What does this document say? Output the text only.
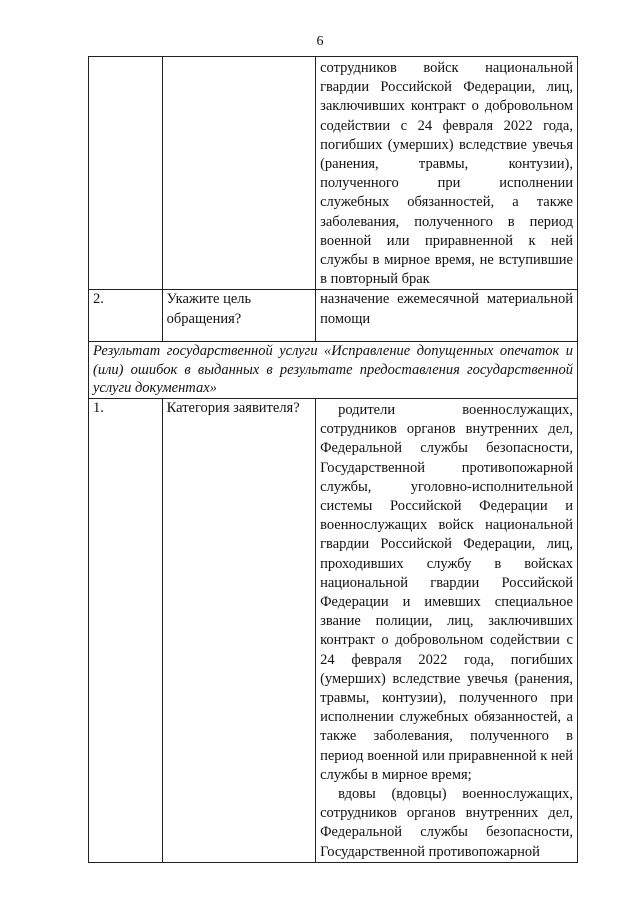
6
		сотрудников войск национальной гвардии Российской Федерации, лиц, заключивших контракт о добровольном содействии с 24 февраля 2022 года, погибших (умерших) вследствие увечья (ранения, травмы, контузии), полученного при исполнении служебных обязанностей, а также заболевания, полученного в период военной или приравненной к ней службы в мирное время, не вступившие в повторный брак
2.	Укажите цель обращения?	назначение ежемесячной материальной помощи
Результат государственной услуги «Исправление допущенных опечаток и (или) ошибок в выданных в результате предоставления государственной услуги документах»		
1.	Категория заявителя?	родители военнослужащих, сотрудников органов внутренних дел, Федеральной службы безопасности, Государственной противопожарной службы, уголовно-исполнительной системы Российской Федерации и военнослужащих войск национальной гвардии Российской Федерации, лиц, проходивших службу в войсках национальной гвардии Российской Федерации и имевших специальное звание полиции, лиц, заключивших контракт о добровольном содействии с 24 февраля 2022 года, погибших (умерших) вследствие увечья (ранения, травмы, контузии), полученного при исполнении служебных обязанностей, а также заболевания, полученного в период военной или приравненной к ней службы в мирное время;
вдовы (вдовцы) военнослужащих, сотрудников органов внутренних дел, Федеральной службы безопасности, Государственной противопожарной
